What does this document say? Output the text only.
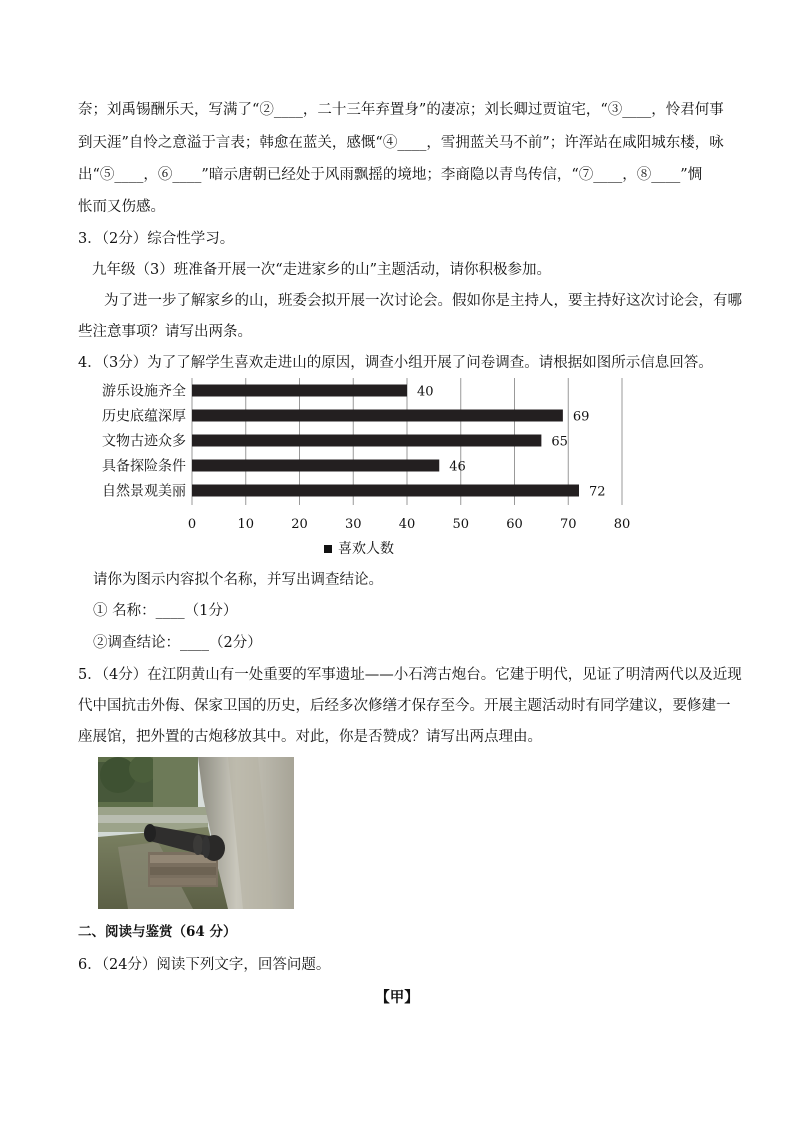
奈；刘禹锡酬乐天，写满了“②____，二十三年弃置身”的凄凉；刘长卿过贾谊宅，“③____，怜君何事
到天涯”自怜之意溢于言表；韩愈在蓝关，感慨“④____，雪拥蓝关马不前”；许浑站在咸阳城东楼，咏
出“⑤____，⑥____”暗示唐朝已经处于风雨飘摇的境地；李商隐以青鸟传信，“⑦____，⑧____”惆
怅而又伤感。
3．（2分）综合性学习。
九年级（3）班准备开展一次“走进家乡的山”主题活动，请你积极参加。
为了进一步了解家乡的山，班委会拟开展一次讨论会。假如你是主持人，要主持好这次讨论会，有哪
些注意事项？请写出两条。
4．（3分）为了了解学生喜欢走进山的原因，调查小组开展了问卷调查。请根据如图所示信息回答。
游乐设施齐全	40
历史底蕴深厚	69
文物古迹众多	65
具备探险条件	46
自然景观美丽	72
0	10	20	30	40	50	60	70	80
喜欢人数
请你为图示内容拟个名称，并写出调查结论。
① 名称：____（1分）
②调查结论：____（2分）
5．（4分）在江阴黄山有一处重要的军事遗址——小石湾古炮台。它建于明代，见证了明清两代以及近现
代中国抗击外侮、保家卫国的历史，后经多次修缮才保存至今。开展主题活动时有同学建议，要修建一
座展馆，把外置的古炮移放其中。对此，你是否赞成？请写出两点理由。
二、阅读与鉴赏（64 分）
6．（24分）阅读下列文字，回答问题。
【甲】
